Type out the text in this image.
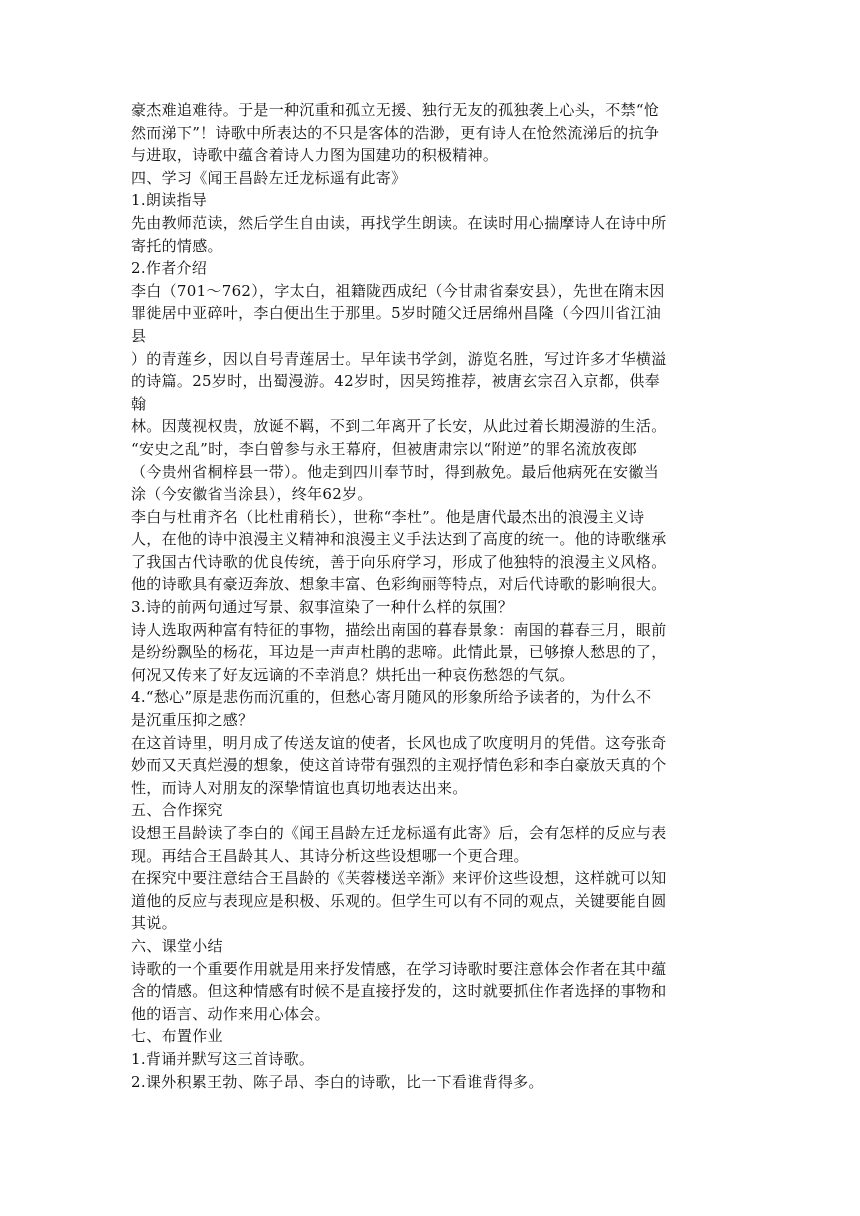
豪杰难追难待。于是一种沉重和孤立无援、独行无友的孤独袭上心头，不禁“怆
然而涕下”！诗歌中所表达的不只是客体的浩渺，更有诗人在怆然流涕后的抗争
与进取，诗歌中蕴含着诗人力图为国建功的积极精神。
四、学习《闻王昌龄左迁龙标遥有此寄》
1.朗读指导
先由教师范读，然后学生自由读，再找学生朗读。在读时用心揣摩诗人在诗中所
寄托的情感。
2.作者介绍
李白（701～762），字太白，祖籍陇西成纪（今甘肃省秦安县），先世在隋末因
罪徙居中亚碎叶，李白便出生于那里。5岁时随父迁居绵州昌隆（今四川省江油
县
）的青莲乡，因以自号青莲居士。早年读书学剑，游览名胜，写过许多才华横溢
的诗篇。25岁时，出蜀漫游。42岁时，因吴筠推荐，被唐玄宗召入京都，供奉
翰
林。因蔑视权贵，放诞不羁，不到二年离开了长安，从此过着长期漫游的生活。
“安史之乱”时，李白曾参与永王幕府，但被唐肃宗以“附逆”的罪名流放夜郎
（今贵州省桐梓县一带）。他走到四川奉节时，得到赦免。最后他病死在安徽当
涂（今安徽省当涂县），终年62岁。
李白与杜甫齐名（比杜甫稍长），世称“李杜”。他是唐代最杰出的浪漫主义诗
人，在他的诗中浪漫主义精神和浪漫主义手法达到了高度的统一。他的诗歌继承
了我国古代诗歌的优良传统，善于向乐府学习，形成了他独特的浪漫主义风格。
他的诗歌具有豪迈奔放、想象丰富、色彩绚丽等特点，对后代诗歌的影响很大。
3.诗的前两句通过写景、叙事渲染了一种什么样的氛围？
诗人选取两种富有特征的事物，描绘出南国的暮春景象：南国的暮春三月，眼前
是纷纷飘坠的杨花，耳边是一声声杜鹃的悲啼。此情此景，已够撩人愁思的了，
何况又传来了好友远谪的不幸消息？烘托出一种哀伤愁怨的气氛。
4.“愁心”原是悲伤而沉重的，但愁心寄月随风的形象所给予读者的，为什么不
是沉重压抑之感？
在这首诗里，明月成了传送友谊的使者，长风也成了吹度明月的凭借。这夸张奇
妙而又天真烂漫的想象，使这首诗带有强烈的主观抒情色彩和李白豪放天真的个
性，而诗人对朋友的深挚情谊也真切地表达出来。
五、合作探究
设想王昌龄读了李白的《闻王昌龄左迁龙标遥有此寄》后，会有怎样的反应与表
现。再结合王昌龄其人、其诗分析这些设想哪一个更合理。
在探究中要注意结合王昌龄的《芙蓉楼送辛渐》来评价这些设想，这样就可以知
道他的反应与表现应是积极、乐观的。但学生可以有不同的观点，关键要能自圆
其说。
六、课堂小结
诗歌的一个重要作用就是用来抒发情感，在学习诗歌时要注意体会作者在其中蕴
含的情感。但这种情感有时候不是直接抒发的，这时就要抓住作者选择的事物和
他的语言、动作来用心体会。
七、布置作业
1.背诵并默写这三首诗歌。
2.课外积累王勃、陈子昂、李白的诗歌，比一下看谁背得多。
